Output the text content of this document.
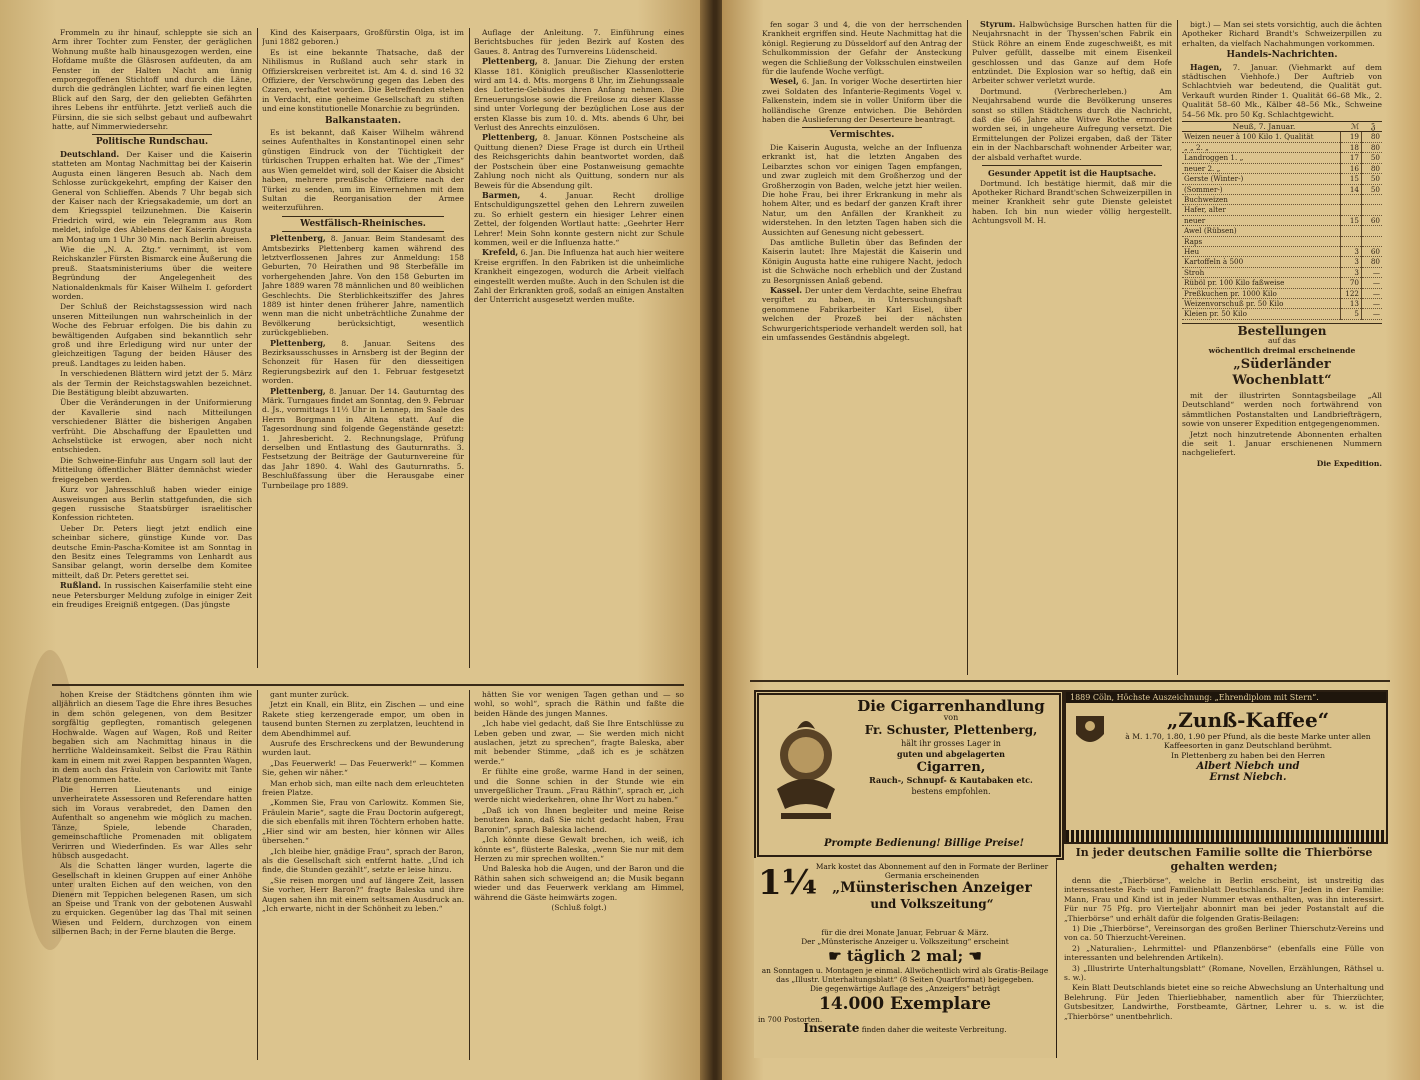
Frommeln zu ihr hinauf, schleppte sie sich an Arm ihrer Tochter zum Fenster, der geräglichen Wohnung mußte halb hinausgezogen werden, eine Hofdame mußte die Gläsrosen aufdeuten, da am Fenster in der Halten Nacht am ünnig emporgegoffenen Stichtoff und durch die Läne, durch die gedränglen Lichter, warf fie einen legten Blick auf den Sarg, der den geliebten Gefährten ihres Lebens ihr entführte. Jetzt verließ auch die Fürsinn, die sie sich selbst gebaut und aufbewahrt hatte, auf Nimmerwiedersehr.

Politische Rundschau.

Deutschland. Der Kaiser und die Kaiserin statteten am Montag Nachmittag bei der Kaiserin Augusta einen längeren Besuch ab. Nach dem Schlosse zurückgekehrt, empfing der Kaiser den General von Schlieffen. Abends 7 Uhr begab sich der Kaiser nach der Kriegsakademie, um dort an dem Kriegsspiel teilzunehmen. Die Kaiserin Friedrich wird, wie ein Telegramm aus Rom meldet, infolge des Ablebens der Kaiserin Augusta am Montag um 1 Uhr 30 Min. nach Berlin abreisen.

Wie die „N. A. Ztg.“ vernimmt, ist vom Reichskanzler Fürsten Bismarck eine Äußerung die preuß. Staatsministeriums über die weitere Begründung der Angelegenheit des Nationaldenkmals für Kaiser Wilhelm I. gefordert worden.

Der Schluß der Reichstagssession wird nach unseren Mitteilungen nun wahrscheinlich in der Woche des Februar erfolgen. Die bis dahin zu bewältigenden Aufgaben sind bekanntlich sehr groß und ihre Erledigung wird nur unter der gleichzeitigen Tagung der beiden Häuser des preuß. Landtages zu leiden haben.

In verschiedenen Blättern wird jetzt der 5. März als der Termin der Reichstagswahlen bezeichnet. Die Bestätigung bleibt abzuwarten.

Über die Veränderungen in der Uniformierung der Kavallerie sind nach Mitteilungen verschiedener Blätter die bisherigen Angaben verfrüht. Die Abschaffung der Epauletten und Achselstücke ist erwogen, aber noch nicht entschieden.

Die Schweine-Einfuhr aus Ungarn soll laut der Mitteilung öffentlicher Blätter demnächst wieder freigegeben werden.

Kurz vor Jahresschluß haben wieder einige Ausweisungen aus Berlin stattgefunden, die sich gegen russische Staatsbürger israelitischer Konfession richteten.

Ueber Dr. Peters liegt jetzt endlich eine scheinbar sichere, günstige Kunde vor. Das deutsche Emin-Pascha-Komitee ist am Sonntag in den Besitz eines Telegramms von Lenhardt aus Sansibar gelangt, worin derselbe dem Komitee mitteilt, daß Dr. Peters gerettet sei.

Rußland. In russischen Kaiserfamilie steht eine neue Petersburger Meldung zufolge in einiger Zeit ein freudiges Ereigniß entgegen. (Das jüngste

Kind des Kaiserpaars, Großfürstin Olga, ist im Juni 1882 geboren.)

Es ist eine bekannte Thatsache, daß der Nihilismus in Rußland auch sehr stark in Offizierskreisen verbreitet ist. Am 4. d. sind 16 32 Offiziere, der Verschwörung gegen das Leben des Czaren, verhaftet worden. Die Betreffenden stehen in Verdacht, eine geheime Gesellschaft zu stiften und eine konstitutionelle Monarchie zu begründen.

Balkanstaaten.

Es ist bekannt, daß Kaiser Wilhelm während seines Aufenthaltes in Konstantinopel einen sehr günstigen Eindruck von der Tüchtigkeit der türkischen Truppen erhalten hat. Wie der „Times“ aus Wien gemeldet wird, soll der Kaiser die Absicht haben, mehrere preußische Offiziere nach der Türkei zu senden, um im Einvernehmen mit dem Sultan die Reorganisation der Armee weiterzuführen.

Westfälisch-Rheinisches.

Plettenberg, 8. Januar. Beim Standesamt des Amtsbezirks Plettenberg kamen während des letztverflossenen Jahres zur Anmeldung: 158 Geburten, 70 Heirathen und 98 Sterbefälle im vorhergehenden Jahre. Von den 158 Geburten im Jahre 1889 waren 78 männlichen und 80 weiblichen Geschlechts. Die Sterblichkeitsziffer des Jahres 1889 ist hinter denen früherer Jahre, namentlich wenn man die nicht unbeträchtliche Zunahme der Bevölkerung berücksichtigt, wesentlich zurückgeblieben.

Plettenberg, 8. Januar. Seitens des Bezirksausschusses in Arnsberg ist der Beginn der Schonzeit für Hasen für den diesseitigen Regierungsbezirk auf den 1. Februar festgesetzt worden.

Plettenberg, 8. Januar. Der 14. Gauturntag des Märk. Turngaues findet am Sonntag, den 9. Februar d. Js., vormittags 11½ Uhr in Lennep, im Saale des Herrn Borgmann in Altena statt. Auf die Tagesordnung sind folgende Gegenstände gesetzt: 1. Jahresbericht. 2. Rechnungslage, Prüfung derselben und Entlastung des Gauturnraths. 3. Festsetzung der Beiträge der Gauturnvereine für das Jahr 1890. 4. Wahl des Gauturnraths. 5. Beschlußfassung über die Herausgabe einer Turnbeilage pro 1889.

Auflage der Anleitung. 7. Einführung eines Berichtsbuches für jeden Bezirk auf Kosten des Gaues. 8. Antrag des Turnvereins Lüdenscheid.

Plettenberg, 8. Januar. Die Ziehung der ersten Klasse 181. Königlich preußischer Klassenlotterie wird am 14. d. Mts. morgens 8 Uhr, im Ziehungssaale des Lotterie-Gebäudes ihren Anfang nehmen. Die Erneuerungslose sowie die Freilose zu dieser Klasse sind unter Vorlegung der bezüglichen Lose aus der ersten Klasse bis zum 10. d. Mts. abends 6 Uhr, bei Verlust des Anrechts einzulösen.

Plettenberg, 8. Januar. Können Postscheine als Quittung dienen? Diese Frage ist durch ein Urtheil des Reichsgerichts dahin beantwortet worden, daß der Postschein über eine Postanweisung gemachte Zahlung noch nicht als Quittung, sondern nur als Beweis für die Absendung gilt.

Barmen,	4. Januar. Recht drollige Entschuldigungszettel gehen den Lehrern zuweilen zu. So erhielt gestern ein hiesiger Lehrer einen Zettel, der folgenden Wortlaut hatte: „Geehrter Herr Lehrer! Mein Sohn konnte gestern nicht zur Schule kommen, weil er die Influenza hatte.“

Krefeld, 6. Jan. Die Influenza hat auch hier weitere Kreise ergriffen. In den Fabriken ist die unheimliche Krankheit eingezogen, wodurch die Arbeit vielfach eingestellt werden mußte. Auch in den Schulen ist die Zahl der Erkrankten groß, sodaß an einigen Anstalten der Unterricht ausgesetzt werden mußte.

hohen Kreise der Städtchens gönnten ihm wie alljährlich an diesem Tage die Ehre ihres Besuches in dem schön gelegenen, von dem Besitzer sorgfältig gepflegten, romantisch gelegenen Hochwalde. Wagen auf Wagen, Roß und Reiter begaben sich am Nachmittag hinaus in die herrliche Waldeinsamkeit. Selbst die Frau Räthin kam in einem mit zwei Rappen bespannten Wagen, in dem auch das Fräulein von Carlowitz mit Tante Platz genommen hatte.

Die Herren Lieutenants und einige unverheiratete Assessoren und Referendare hatten sich im Voraus verabredet, den Damen den Aufenthalt so angenehm wie möglich zu machen. Tänze, Spiele, lebende Charaden, gemeinschaftliche Promenaden mit obligatem Verirren und Wiederfinden. Es war Alles sehr hübsch ausgedacht.

Als die Schatten länger wurden, lagerte die Gesellschaft in kleinen Gruppen auf einer Anhöhe unter uralten Eichen auf den weichen, von den Dienern mit Teppichen belegenen Rasen, um sich an Speise und Trank von der gebotenen Auswahl zu erquicken. Gegenüber lag das Thal mit seinen Wiesen und Feldern, durchzogen von einem silbernen Bach; in der Ferne blauten die Berge.

gant munter zurück.

Jetzt ein Knall, ein Blitz, ein Zischen — und eine Rakete stieg kerzengerade empor, um oben in tausend bunten Sternen zu zerplatzen, leuchtend in dem Abendhimmel auf.

Ausrufe des Erschreckens und der Bewunderung wurden laut.

„Das Feuerwerk! — Das Feuerwerk!“ — Kommen Sie, gehen wir näher.“

Man erhob sich, man eilte nach dem erleuchteten freien Platze.

„Kommen Sie, Frau von Carlowitz. Kommen Sie, Fräulein Marie“, sagte die Frau Doctorin aufgeregt, die sich ebenfalls mit ihren Töchtern erhoben hatte. „Hier sind wir am besten, hier können wir Alles übersehen.“

„Ich bleibe hier, gnädige Frau“, sprach der Baron, als die Gesellschaft sich entfernt hatte. „Und ich finde, die Stunden gezählt“, setzte er leise hinzu.

„Sie reisen morgen und auf längere Zeit, lassen Sie vorher, Herr Baron?“ fragte Baleska und ihre Augen sahen ihn mit einem seltsamen Ausdruck an. „Ich erwarte, nicht in der Schönheit zu leben.“

hätten Sie vor wenigen Tagen gethan und — so wohl, so wohl“, sprach die Räthin und faßte die beiden Hände des jungen Mannes.

„Ich habe viel gedacht, daß Sie Ihre Entschlüsse zu Leben geben und zwar, — Sie werden mich nicht auslachen, jetzt zu sprechen“, fragte Baleska, aber mit bebender Stimme, „daß ich es je schätzen werde.“

Er fühlte eine große, warme Hand in der seinen, und die Sonne schien in der Stunde wie ein unvergeßlicher Traum. „Frau Räthin“, sprach er, „ich werde nicht wiederkehren, ohne Ihr Wort zu haben.“

„Daß ich von Ihnen begleiter und meine Reise benutzen kann, daß Sie nicht gedacht haben, Frau Baronin“, sprach Baleska lachend.

„Ich könnte diese Gewalt brechen, ich weiß, ich könnte es“, flüsterte Baleska, „wenn Sie nur mit dem Herzen zu mir sprechen wollten.“

Und Baleska hob die Augen, und der Baron und die Räthin sahen sich schweigend an; die Musik begann wieder und das Feuerwerk verklang am Himmel, während die Gäste heimwärts zogen.

(Schluß folgt.)

fen sogar 3 und 4, die von der herrschenden Krankheit ergriffen sind. Heute Nachmittag hat die königl. Regierung zu Düsseldorf auf den Antrag der Schulkommission der Gefahr der Ansteckung wegen die Schließung der Volksschulen einstweilen für die laufende Woche verfügt.

Wesel, 6. Jan. In voriger Woche desertirten hier zwei Soldaten des Infanterie-Regiments Vogel v. Falkenstein, indem sie in voller Uniform über die holländische Grenze entwichen. Die Behörden haben die Auslieferung der Deserteure beantragt.

Vermischtes.

Die Kaiserin Augusta, welche an der Influenza erkrankt ist, hat die letzten Angaben des Leibarztes schon vor einigen Tagen empfangen, und zwar zugleich mit dem Großherzog und der Großherzogin von Baden, welche jetzt hier weilen. Die hohe Frau, bei ihrer Erkrankung in mehr als hohem Alter, und es bedarf der ganzen Kraft ihrer Natur, um den Anfällen der Krankheit zu widerstehen. In den letzten Tagen haben sich die Aussichten auf Genesung nicht gebessert.

Das amtliche Bulletin über das Befinden der Kaiserin lautet: Ihre Majestät die Kaiserin und Königin Augusta hatte eine ruhigere Nacht, jedoch ist die Schwäche noch erheblich und der Zustand zu Besorgnissen Anlaß gebend.

Kassel. Der unter dem Verdachte, seine Ehefrau vergiftet zu haben, in Untersuchungshaft genommene Fabrikarbeiter Karl Eisel, über welchen der Prozeß bei der nächsten Schwurgerichtsperiode verhandelt werden soll, hat ein umfassendes Geständnis abgelegt.

Styrum. Halbwüchsige Burschen hatten für die Neujahrsnacht in der Thyssen'schen Fabrik ein Stück Röhre an einem Ende zugeschweißt, es mit Pulver gefüllt, dasselbe mit einem Eisenkeil geschlossen und das Ganze auf dem Hofe entzündet. Die Explosion war so heftig, daß ein Arbeiter schwer verletzt wurde.

Dortmund. (Verbrecherleben.) Am Neujahrsabend wurde die Bevölkerung unseres sonst so stillen Städtchens durch die Nachricht, daß die 66 Jahre alte Witwe Rothe ermordet worden sei, in ungeheure Aufregung versetzt. Die Ermittelungen der Polizei ergaben, daß der Täter ein in der Nachbarschaft wohnender Arbeiter war, der alsbald verhaftet wurde.

Gesunder Appetit ist die Hauptsache.

Dortmund. Ich bestätige hiermit, daß mir die Apotheker Richard Brandt'schen Schweizerpillen in meiner Krankheit sehr gute Dienste geleistet haben. Ich bin nun wieder völlig hergestellt. Achtungsvoll M. H.

bigt.) — Man sei stets vorsichtig, auch die ächten Apotheker Richard Brandt's Schweizerpillen zu erhalten, da vielfach Nachahmungen vorkommen.

Handels-Nachrichten.

Hagen, 7. Januar. (Viehmarkt auf dem städtischen Viehhofe.) Der Auftrieb von Schlachtvieh war bedeutend, die Qualität gut. Verkauft wurden Rinder 1. Qualität 66–68 Mk., 2. Qualität 58–60 Mk., Kälber 48–56 Mk., Schweine 54–56 Mk. pro 50 Kg. Schlachtgewicht.

Neuß, 7. Januar.	ℳ	ჴ
Weizen neuer à 100 Kilo 1. Qualität	19	80
„ „ 2. „	18	80
Landroggen 1. „	17	50
neuer 2. „	16	80
Gerste (Winter-)	15	50
(Sommer-)	14	50
Buchweizen		
Hafer, alter		
neuer	15	60
Awel (Rübsen)		
Raps		
Heu	3	60
Kartoffeln à 500	3	80
Stroh	3	—
Rüböl pr. 100 Kilo faßweise	70	—
Preßkuchen pr. 1000 Kilo	122	—
Weizenvorschuß pr. 50 Kilo	13	—
Kleien pr. 50 Kilo	5	—
Bestellungen
auf das
wöchentlich dreimal erscheinende
„Süderländer Wochenblatt“

mit der illustrirten Sonntagsbeilage „All Deutschland“ werden noch fortwährend von sämmtlichen Postanstalten und Landbriefträgern, sowie von unserer Expedition entgegengenommen.

Jetzt noch hinzutretende Abonnenten erhalten die seit 1. Januar erschienenen Nummern nachgeliefert.

Die Expedition.
Die Cigarrenhandlung
von
Fr. Schuster, Plettenberg,
hält ihr grosses Lager in
guten und abgelagerten
Cigarren,
Rauch-, Schnupf- & Kautabaken etc.
bestens empfohlen.
Prompte Bedienung! Billige Preise!
1889 Cöln, Höchste Auszeichnung: „Ehrendiplom mit Stern“.
„Zunß-Kaffee“
à M. 1.70, 1.80, 1.90 per Pfund, als die beste Marke unter allen Kaffeesorten in ganz Deutschland berühmt.
In Plettenberg zu haben bei den Herren
Albert Niebch und
Ernst Niebch.
1¼
Mark kostet das Abonnement auf den in Formate der Berliner Germania erscheinenden
„Münsterischen Anzeiger
und Volkszeitung“
für die drei Monate Januar, Februar & März.
Der „Münsterische Anzeiger u. Volkszeitung“ erscheint
☛ täglich 2 mal; ☚
an Sonntagen u. Montagen je einmal. Allwöchentlich wird als Gratis-Beilage das „Illustr. Unterhaltungsblatt“ (8 Seiten Quartformat) beigegeben.
Die gegenwärtige Auflage des „Anzeigers“ beträgt
14.000 Exemplare
in 700 Postorten.
Inserate finden daher die weiteste Verbreitung.
In jeder deutschen Familie sollte die Thierbörse gehalten werden;

denn die „Thierbörse“, welche in Berlin erscheint, ist unstreitig das interessanteste Fach- und Familienblatt Deutschlands. Für Jeden in der Familie: Mann, Frau und Kind ist in jeder Nummer etwas enthalten, was ihn interessirt. Für nur 75 Pfg. pro Vierteljahr abonnirt man bei jeder Postanstalt auf die „Thierbörse“ und erhält dafür die folgenden Gratis-Beilagen:

1) Die „Thierbörse“, Vereinsorgan des großen Berliner Thierschutz-Vereins und von ca. 50 Thierzucht-Vereinen.

2) „Naturalien-, Lehrmittel- und Pflanzenbörse“ (ebenfalls eine Fülle von interessanten und belehrenden Artikeln).

3) „Illustrirte Unterhaltungsblatt“ (Romane, Novellen, Erzählungen, Räthsel u. s. w.).

Kein Blatt Deutschlands bietet eine so reiche Abwechslung an Unterhaltung und Belehrung. Für Jeden Thierliebhaber, namentlich aber für Thierzüchter, Gutsbesitzer, Landwirthe, Forstbeamte, Gärtner, Lehrer u. s. w. ist die „Thierbörse“ unentbehrlich.
